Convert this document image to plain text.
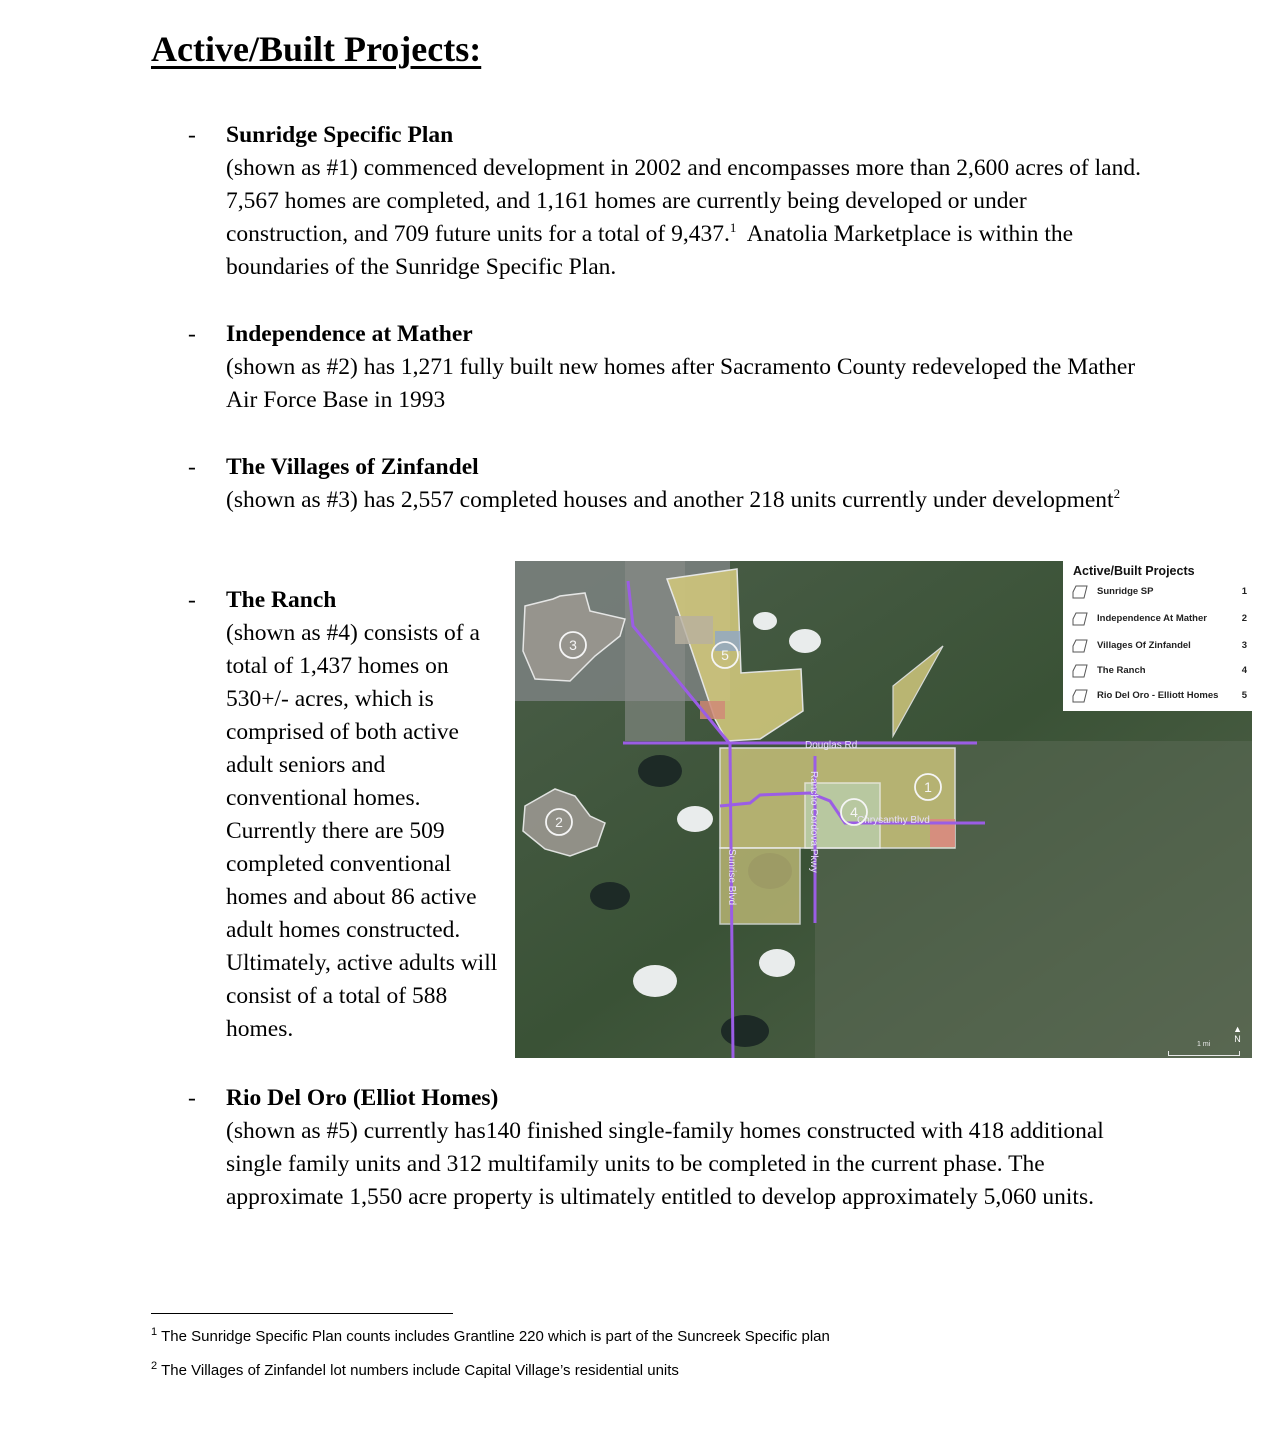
Active/Built Projects:
-	Sunridge Specific Plan
(shown as #1) commenced development in 2002 and encompasses more than 2,600 acres of land. 7,567 homes are completed, and 1,161 homes are currently being developed or under construction, and 709 future units for a total of 9,437.$^1$  Anatolia Marketplace is within the boundaries of the Sunridge Specific Plan.
-	Independence at Mather
(shown as #2) has 1,271 fully built new homes after Sacramento County redeveloped the Mather Air Force Base in 1993
-	The Villages of Zinfandel
(shown as #3) has 2,557 completed houses and another 218 units currently under development$^2$
-	The Ranch
(shown as #4) consists of a total of 1,437 homes on 530+/- acres, which is comprised of both active adult seniors and conventional homes. Currently there are 509 completed conventional homes and about 86 active adult homes constructed. Ultimately, active adults will consist of a total of 588 homes.
Douglas Rd
Chrysanthy Blvd
Rancho Cordova Pkwy
Sunrise Blvd
1
2
3
4
5
Active/Built Projects
Sunridge SP	1
Independence At Mather	2
Villages Of Zinfandel	3
The Ranch	4
Rio Del Oro - Elliott Homes 5
▲
N
1 mi
-	Rio Del Oro (Elliot Homes)
(shown as #5) currently has140 finished single-family homes constructed with 418 additional single family units and 312 multifamily units to be completed in the current phase. The approximate 1,550 acre property is ultimately entitled to develop approximately 5,060 units.
$^1$ The Sunridge Specific Plan counts includes Grantline 220 which is part of the Suncreek Specific plan
$^2$ The Villages of Zinfandel lot numbers include Capital Village’s residential units
